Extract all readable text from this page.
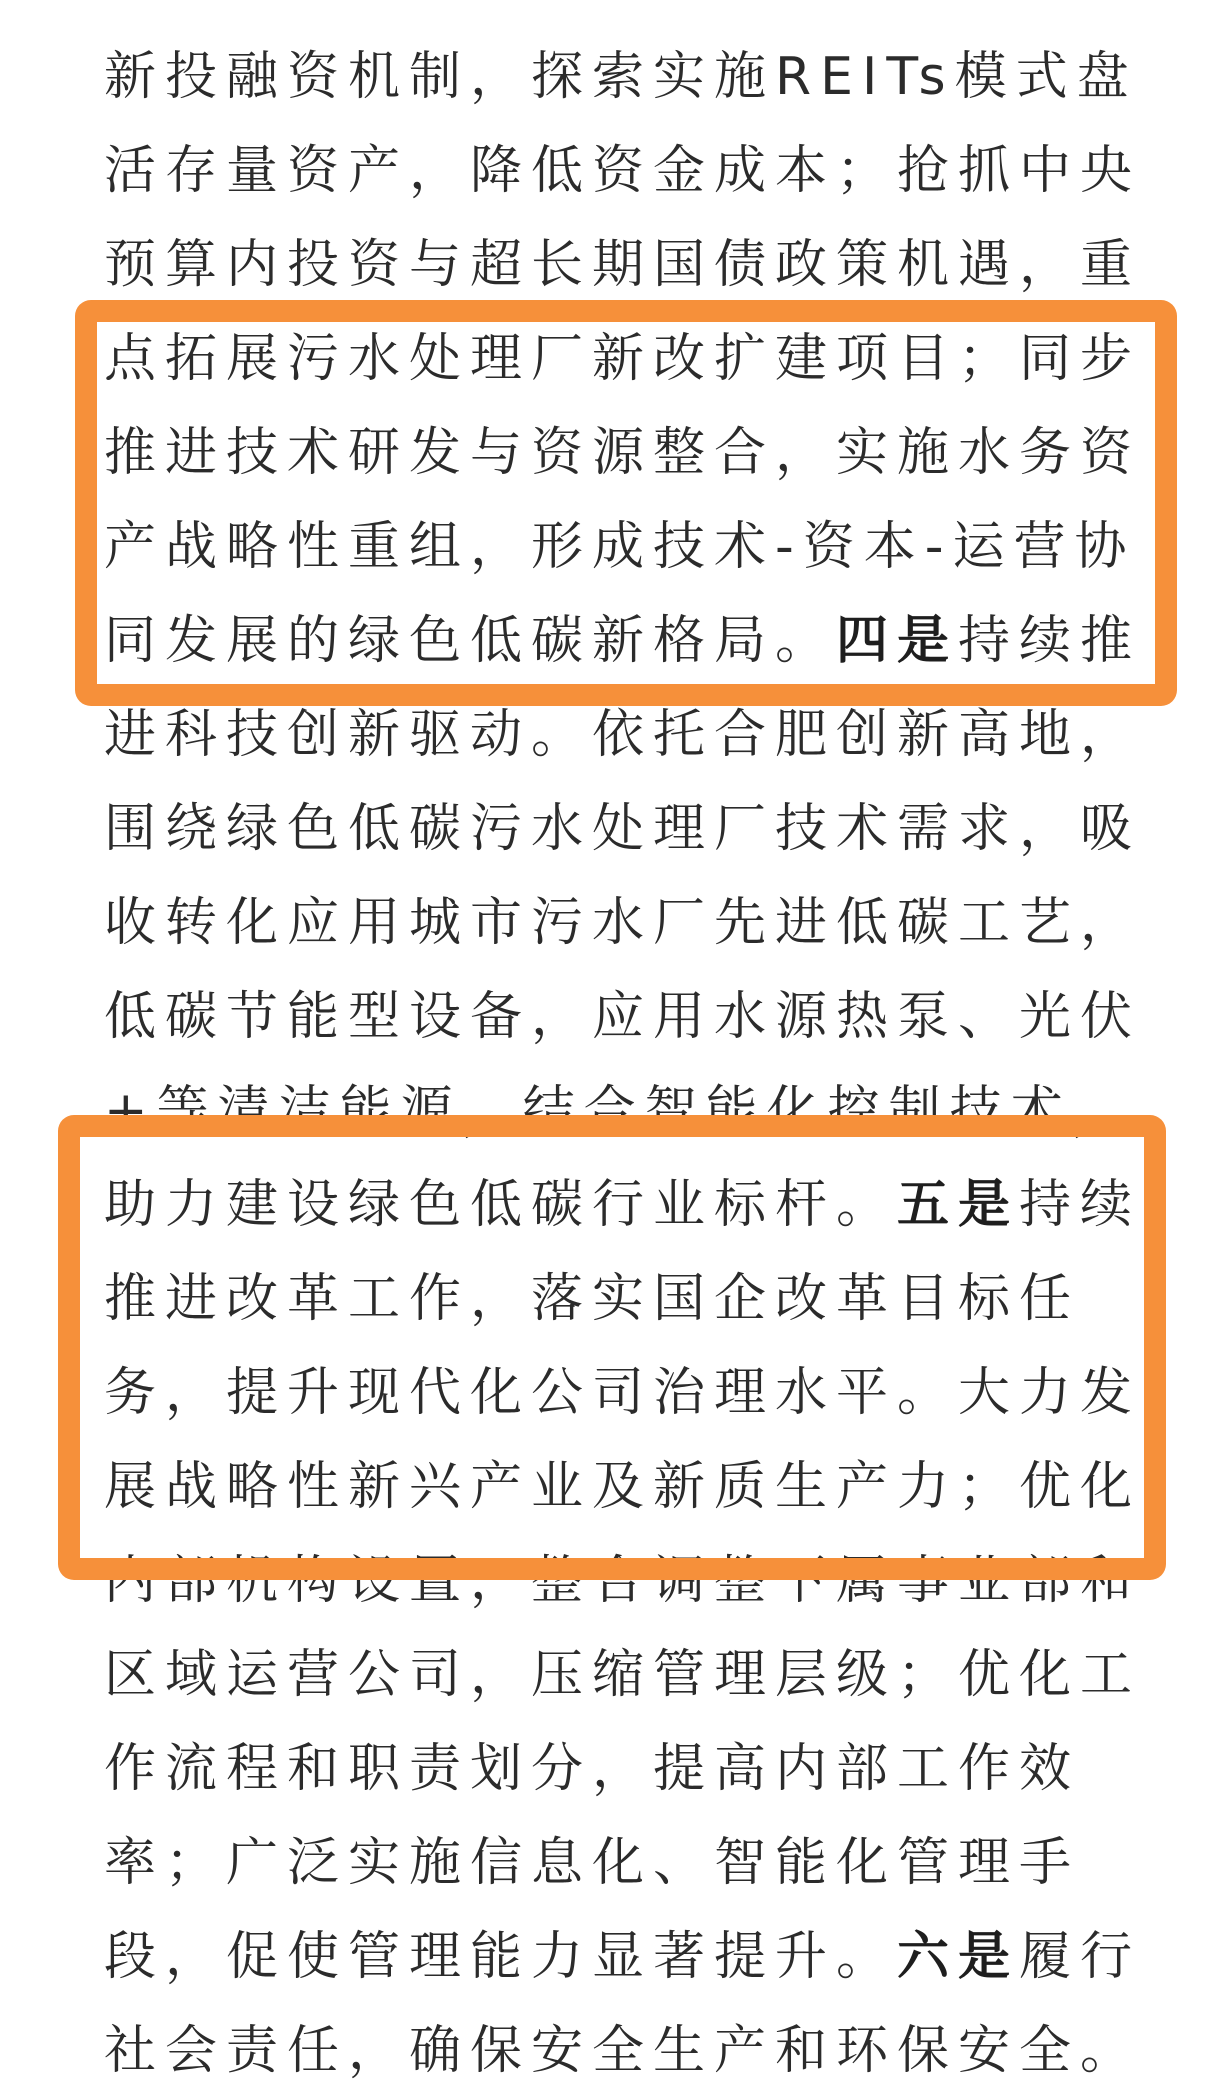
新投融资机制，探索实施REITs模式盘
活存量资产，降低资金成本；抢抓中央
预算内投资与超长期国债政策机遇，重
点拓展污水处理厂新改扩建项目；同步
推进技术研发与资源整合，实施水务资
产战略性重组，形成技术-资本-运营协
同发展的绿色低碳新格局。四是持续推
进科技创新驱动。依托合肥创新高地，
围绕绿色低碳污水处理厂技术需求，吸
收转化应用城市污水厂先进低碳工艺，
低碳节能型设备，应用水源热泵、光伏
+等清洁能源，结合智能化控制技术，
助力建设绿色低碳行业标杆。五是持续
推进改革工作，落实国企改革目标任
务，提升现代化公司治理水平。大力发
展战略性新兴产业及新质生产力；优化
内部机构设置，整合调整下属事业部和
区域运营公司，压缩管理层级；优化工
作流程和职责划分，提高内部工作效
率；广泛实施信息化、智能化管理手
段，促使管理能力显著提升。六是履行
社会责任，确保安全生产和环保安全。
